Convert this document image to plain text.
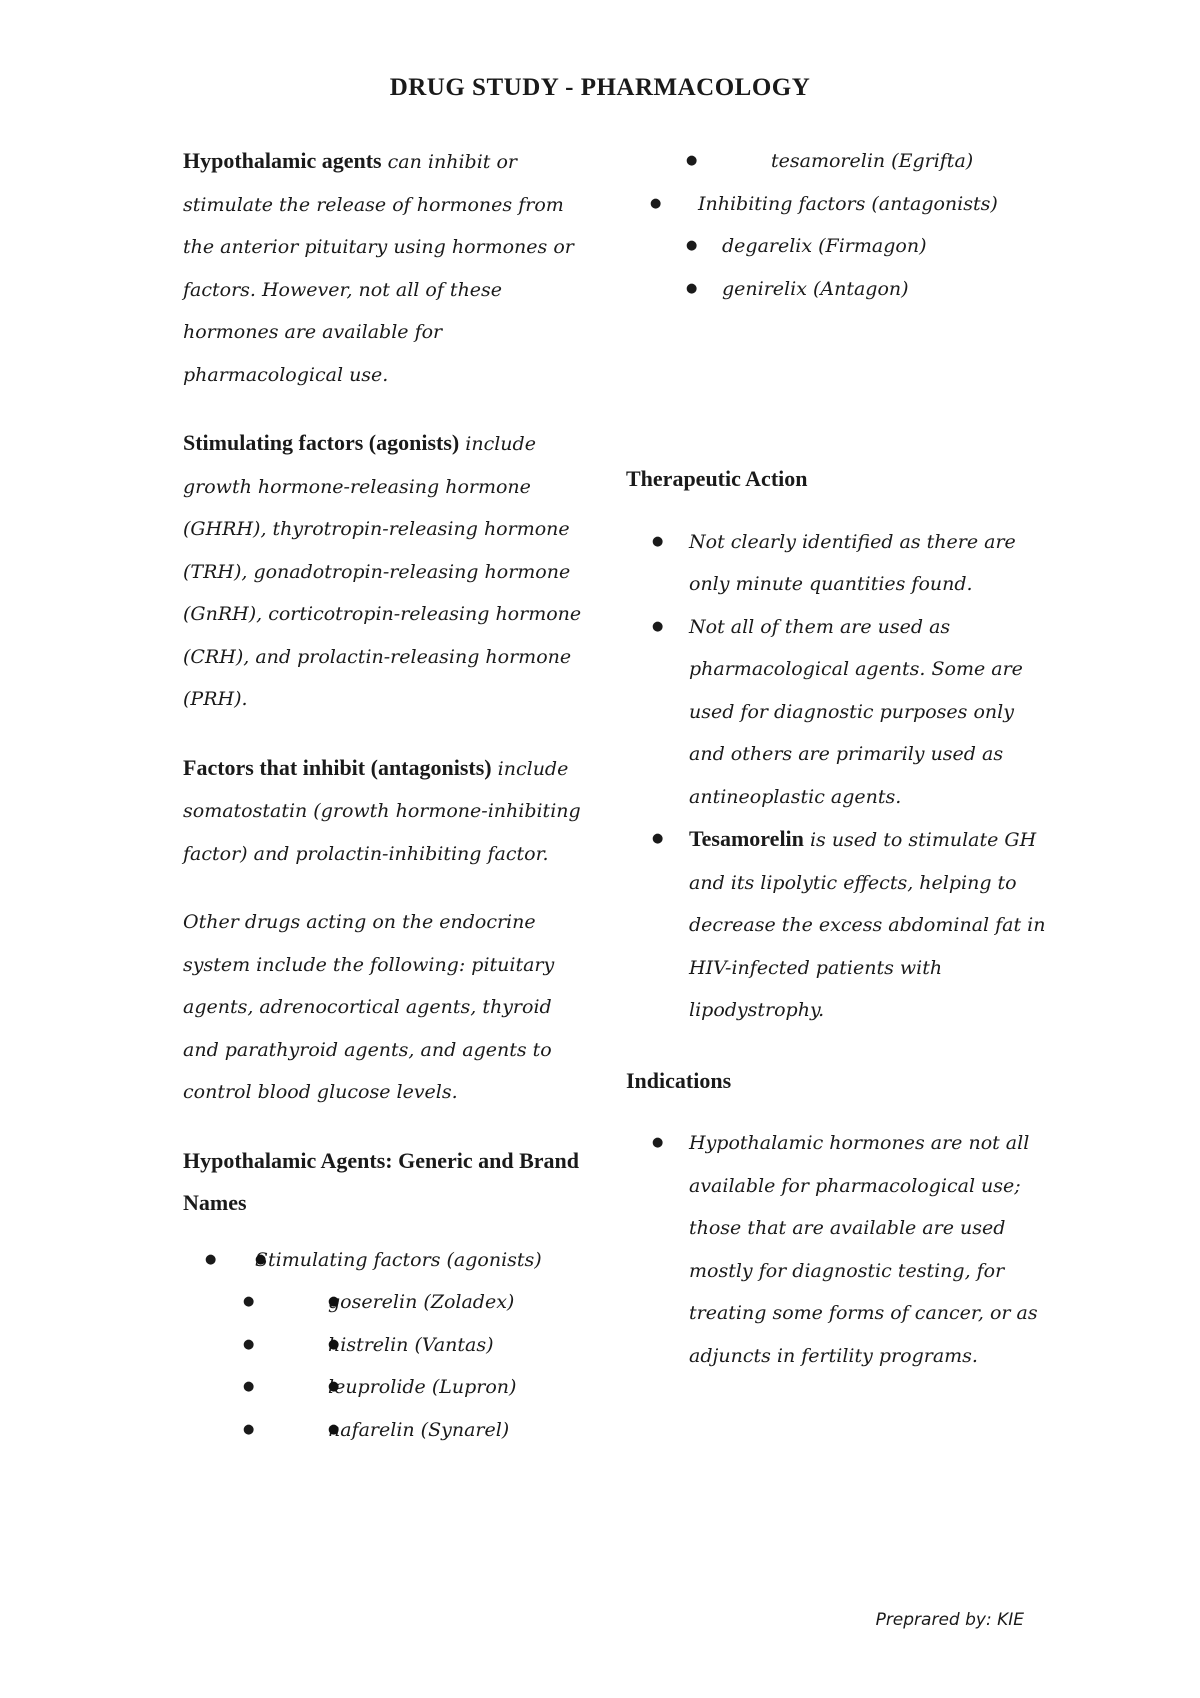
DRUG STUDY - PHARMACOLOGY

Hypothalamic agents can inhibit or stimulate the release of hormones from the anterior pituitary using hormones or factors. However, not all of these hormones are available for pharmacological use.

Stimulating factors (agonists) include growth hormone-releasing hormone (GHRH), thyrotropin-releasing hormone (TRH), gonadotropin-releasing hormone (GnRH), corticotropin-releasing hormone (CRH), and prolactin-releasing hormone (PRH).

Factors that inhibit (antagonists) include somatostatin (growth hormone-inhibiting factor) and prolactin-inhibiting factor.

Other drugs acting on the endocrine system include the following: pituitary agents, adrenocortical agents, thyroid and parathyroid agents, and agents to control blood glucose levels.

Hypothalamic Agents: Generic and Brand Names

● ● Stimulating factors (agonists)
● ●	goserelin (Zoladex)
● ●	histrelin (Vantas)
● ●	leuprolide (Lupron)
● ●	nafarelin (Synarel)
●	tesamorelin (Egrifta)
● Inhibiting factors (antagonists)
● degarelix (Firmagon)
● genirelix (Antagon)

Therapeutic Action

● Not clearly identified as there are only minute quantities found.
● Not all of them are used as pharmacological agents. Some are used for diagnostic purposes only and others are primarily used as antineoplastic agents.
● Tesamorelin is used to stimulate GH and its lipolytic effects, helping to decrease the excess abdominal fat in HIV-infected patients with lipodystrophy.

Indications

● Hypothalamic hormones are not all available for pharmacological use; those that are available are used mostly for diagnostic testing, for treating some forms of cancer, or as adjuncts in fertility programs.
Preprared by: KIE
